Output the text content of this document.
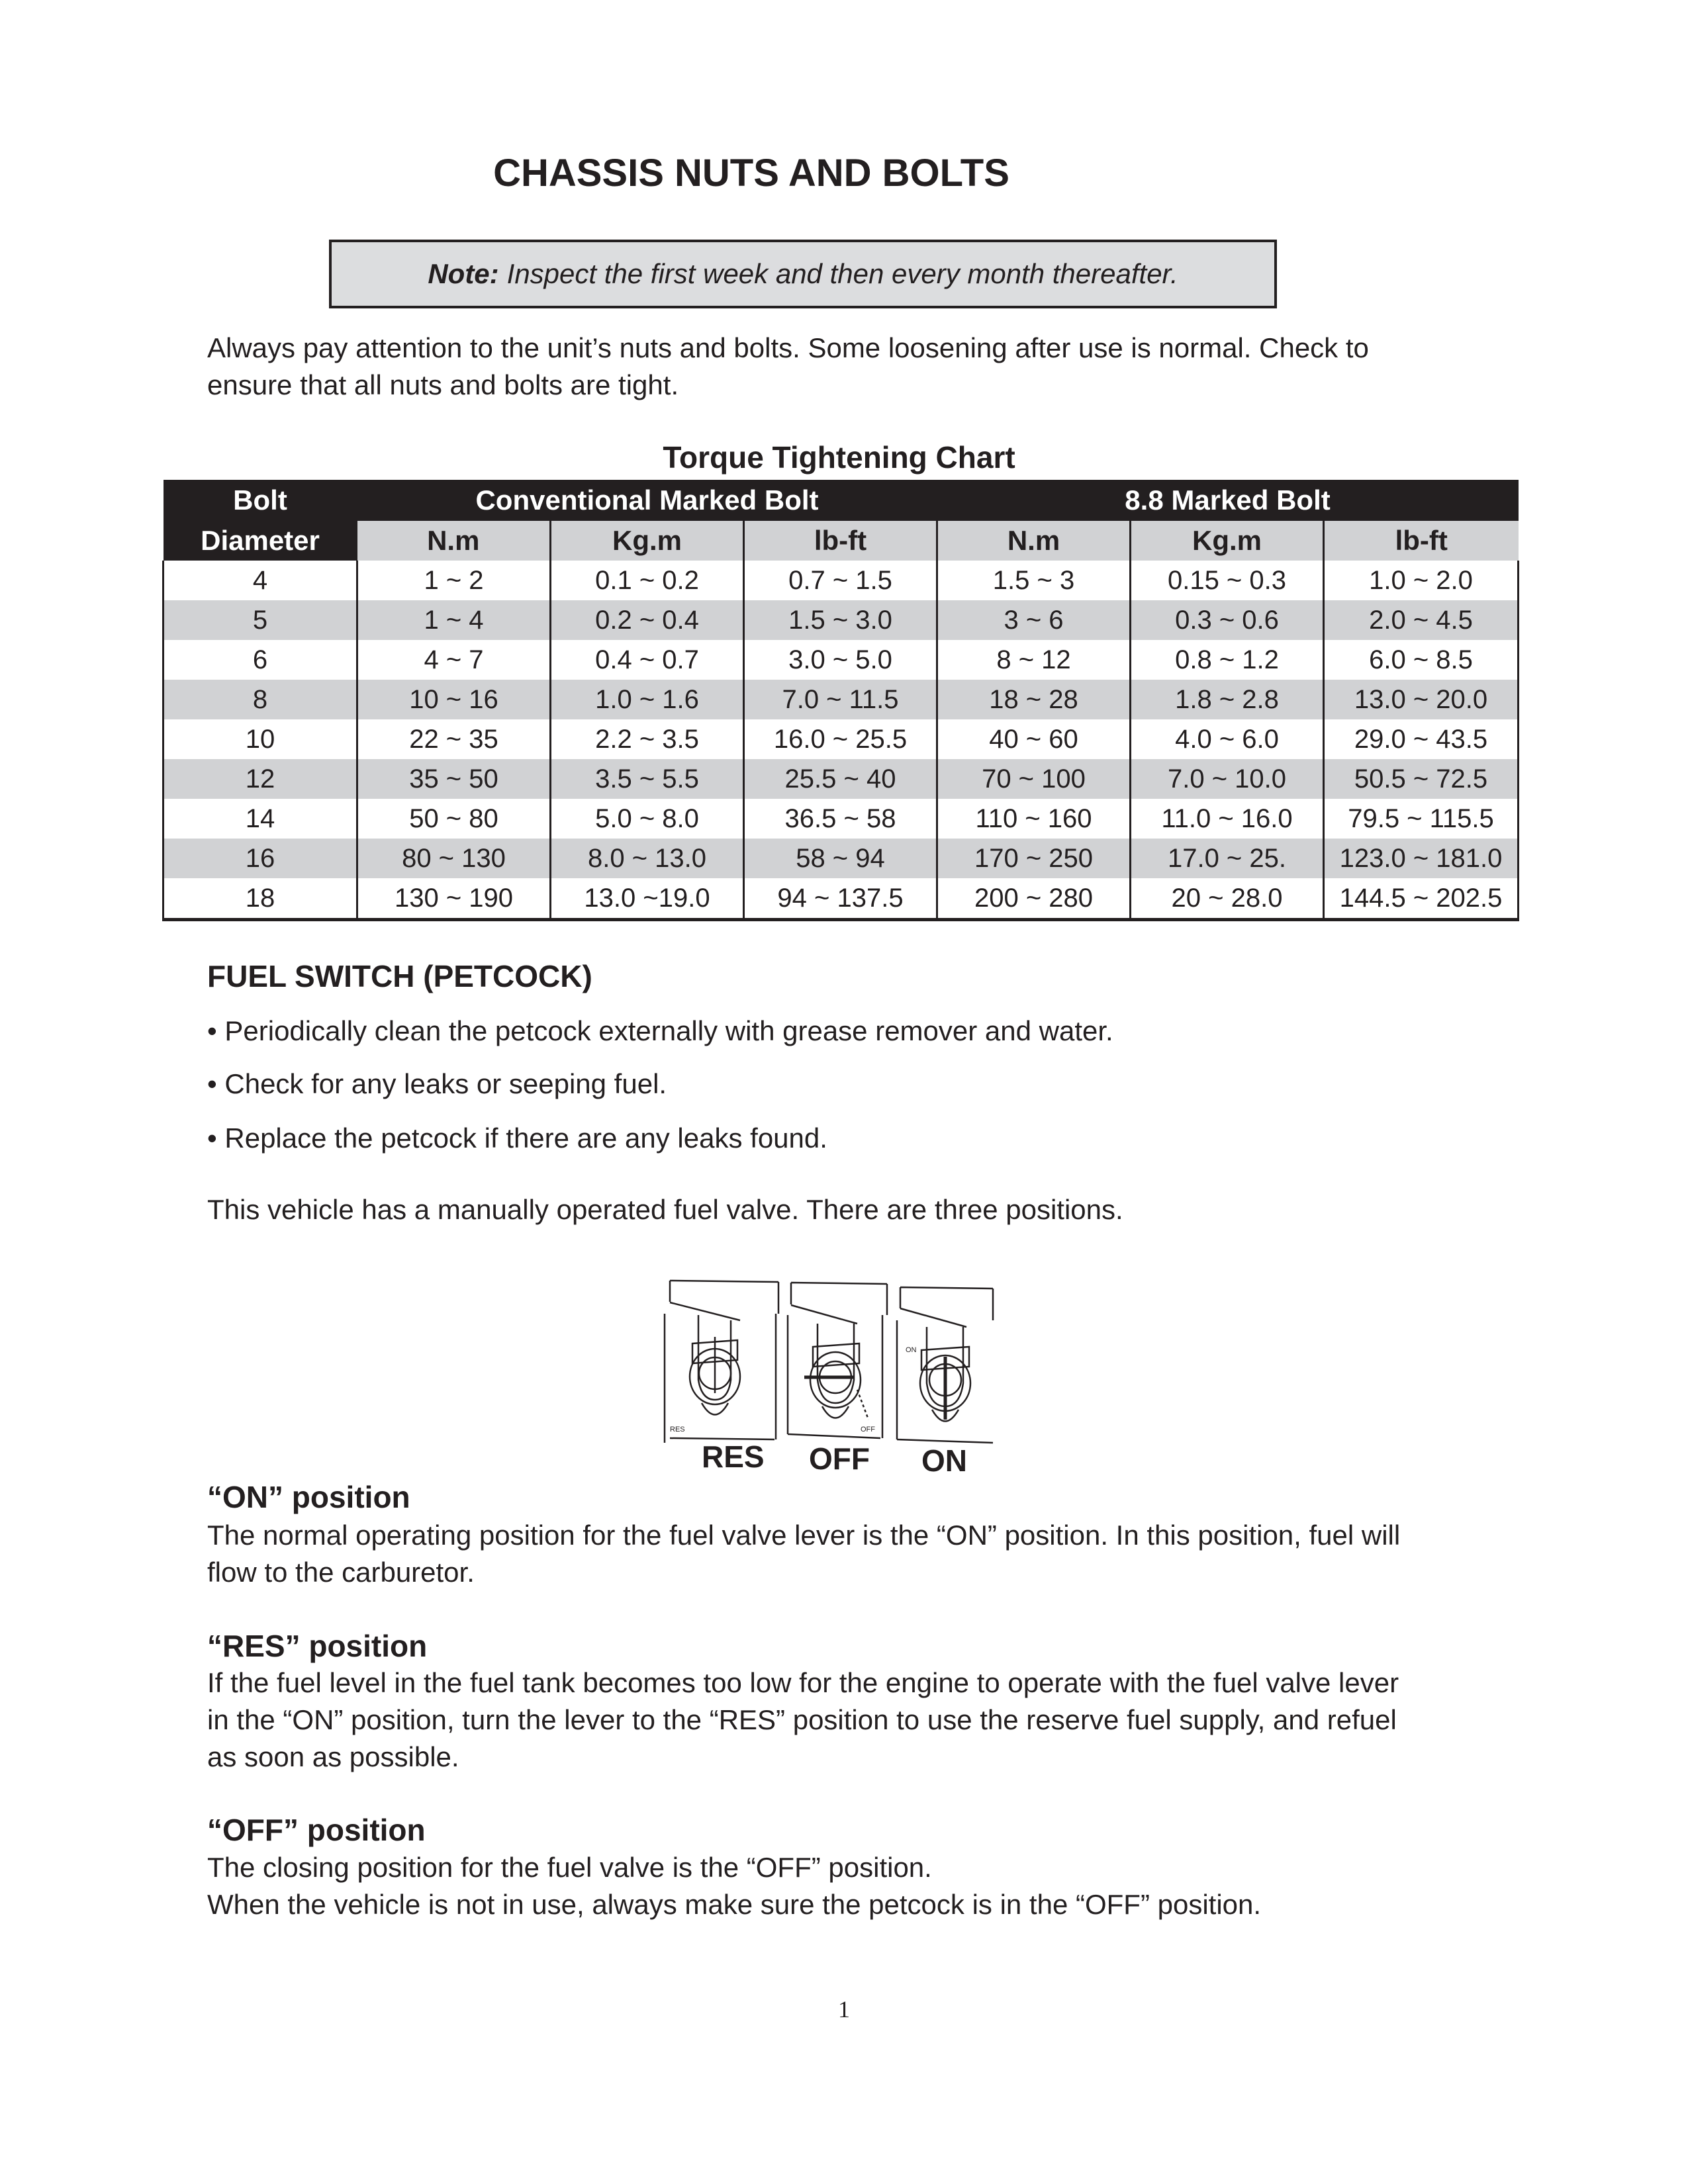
CHASSIS NUTS AND BOLTS
Note: Inspect the first week and then every month thereafter.
Always pay attention to the unit’s nuts and bolts. Some loosening after use is normal. Check to
ensure that all nuts and bolts are tight.
Torque Tightening Chart
Bolt	Conventional Marked Bolt			8.8 Marked Bolt		
Diameter	N.m	Kg.m	lb-ft	N.m	Kg.m	lb-ft
4	1 ~ 2	0.1 ~ 0.2	0.7 ~ 1.5	1.5 ~ 3	0.15 ~ 0.3	1.0 ~ 2.0
5	1 ~ 4	0.2 ~ 0.4	1.5 ~ 3.0	3 ~ 6	0.3 ~ 0.6	2.0 ~ 4.5
6	4 ~ 7	0.4 ~ 0.7	3.0 ~ 5.0	8 ~ 12	0.8 ~ 1.2	6.0 ~ 8.5
8	10 ~ 16	1.0 ~ 1.6	7.0 ~ 11.5	18 ~ 28	1.8 ~ 2.8	13.0 ~ 20.0
10	22 ~ 35	2.2 ~ 3.5	16.0 ~ 25.5	40 ~ 60	4.0 ~ 6.0	29.0 ~ 43.5
12	35 ~ 50	3.5 ~ 5.5	25.5 ~ 40	70 ~ 100	7.0 ~ 10.0	50.5 ~ 72.5
14	50 ~ 80	5.0 ~ 8.0	36.5 ~ 58	110 ~ 160	11.0 ~ 16.0	79.5 ~ 115.5
16	80 ~ 130	8.0 ~ 13.0	58 ~ 94	170 ~ 250	17.0 ~ 25.	123.0 ~ 181.0
18	130 ~ 190	13.0 ~19.0	94 ~ 137.5	200 ~ 280	20 ~ 28.0	144.5 ~ 202.5
FUEL SWITCH (PETCOCK)
• Periodically clean the petcock externally with grease remover and water.
• Check for any leaks or seeping fuel.
• Replace the petcock if there are any leaks found.
This vehicle has a manually operated fuel valve. There are three positions.
RES	OFF
ON
RES OFF ON
“ON” position
The normal operating position for the fuel valve lever is the “ON” position. In this position, fuel will
flow to the carburetor.
“RES” position
If the fuel level in the fuel tank becomes too low for the engine to operate with the fuel valve lever
in the “ON” position, turn the lever to the “RES” position to use the reserve fuel supply, and refuel
as soon as possible.
“OFF” position
The closing position for the fuel valve is the “OFF” position.
When the vehicle is not in use, always make sure the petcock is in the “OFF” position.
1
